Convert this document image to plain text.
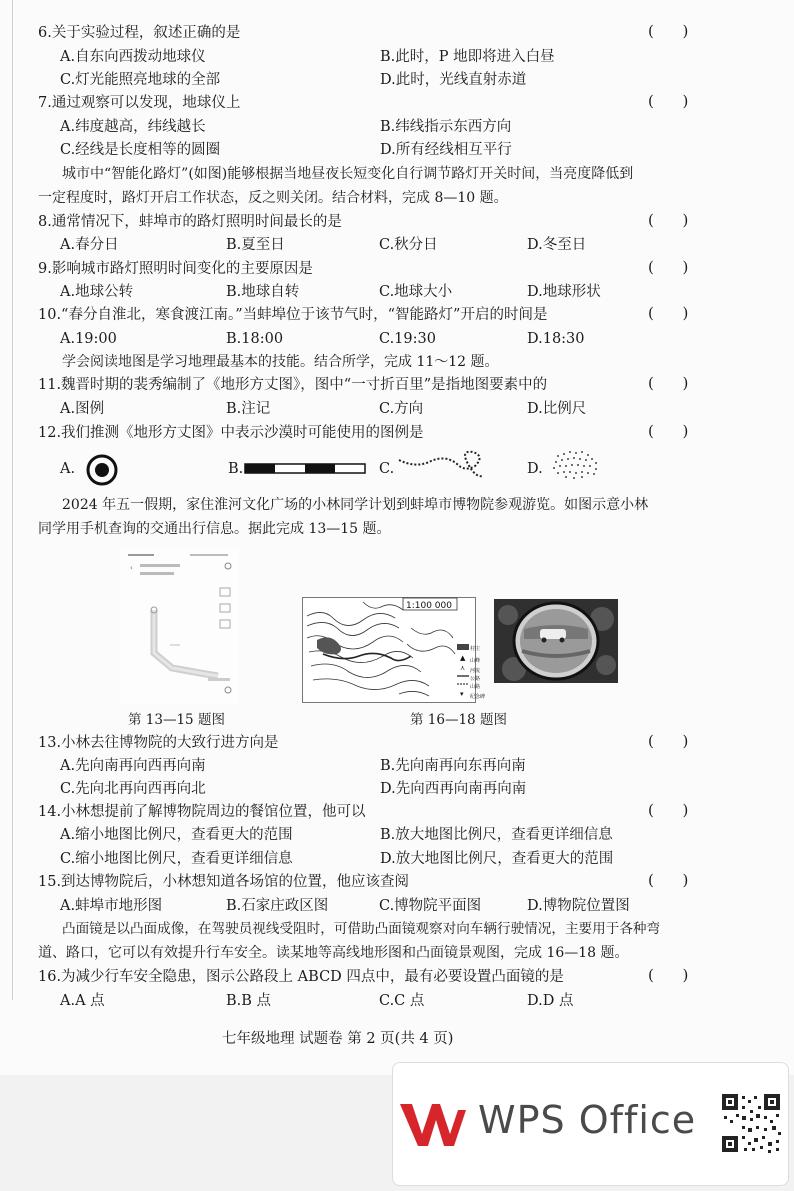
6.关于实验过程，叙述正确的是	(      )
A.自东向西拨动地球仪	B.此时，P 地即将进入白昼
C.灯光能照亮地球的全部	D.此时，光线直射赤道
7.通过观察可以发现，地球仪上	(      )
A.纬度越高，纬线越长	B.纬线指示东西方向
C.经线是长度相等的圆圈	D.所有经线相互平行
城市中“智能化路灯”(如图)能够根据当地昼夜长短变化自行调节路灯开关时间，当亮度降低到
一定程度时，路灯开启工作状态，反之则关闭。结合材料，完成 8—10 题。
8.通常情况下，蚌埠市的路灯照明时间最长的是	(      )
A.春分日	B.夏至日	C.秋分日	D.冬至日
9.影响城市路灯照明时间变化的主要原因是	(      )
A.地球公转	B.地球自转	C.地球大小	D.地球形状
10.“春分自淮北，寒食渡江南。”当蚌埠位于该节气时，“智能路灯”开启的时间是	(      )
A.19:00	B.18:00	C.19:30	D.18:30
学会阅读地图是学习地理最基本的技能。结合所学，完成 11～12 题。
11.魏晋时期的裴秀编制了《地形方丈图》，图中“一寸折百里”是指地图要素中的	(      )
A.图例	B.注记	C.方向	D.比例尺
12.我们推测《地形方丈图》中表示沙漠时可能使用的图例是	(      )
A.	B.	C.	D.
2024 年五一假期，家住淮河文化广场的小林同学计划到蚌埠市博物院参观游览。如图示意小林
同学用手机查询的交通出行信息。据此完成 13—15 题。
‹
第 13—15 题图
1:100 000
▲
⋏
▾
村庄
山峰
河流
公路
山路
纪念碑
第 16—18 题图
13.小林去往博物院的大致行进方向是	(      )
A.先向南再向西再向南	B.先向南再向东再向南
C.先向北再向西再向北	D.先向西再向南再向南
14.小林想提前了解博物院周边的餐馆位置，他可以	(      )
A.缩小地图比例尺，查看更大的范围	B.放大地图比例尺，查看更详细信息
C.缩小地图比例尺，查看更详细信息	D.放大地图比例尺，查看更大的范围
15.到达博物院后，小林想知道各场馆的位置，他应该查阅	(      )
A.蚌埠市地形图	B.石家庄政区图	C.博物院平面图	D.博物院位置图
凸面镜是以凸面成像，在驾驶员视线受阻时，可借助凸面镜观察对向车辆行驶情况，主要用于各种弯
道、路口，它可以有效提升行车安全。读某地等高线地形图和凸面镜景观图，完成 16—18 题。
16.为减少行车安全隐患，图示公路段上 ABCD 四点中，最有必要设置凸面镜的是	(      )
A.A 点	B.B 点	C.C 点	D.D 点
七年级地理 试题卷 第 2 页(共 4 页)
WPS Office
